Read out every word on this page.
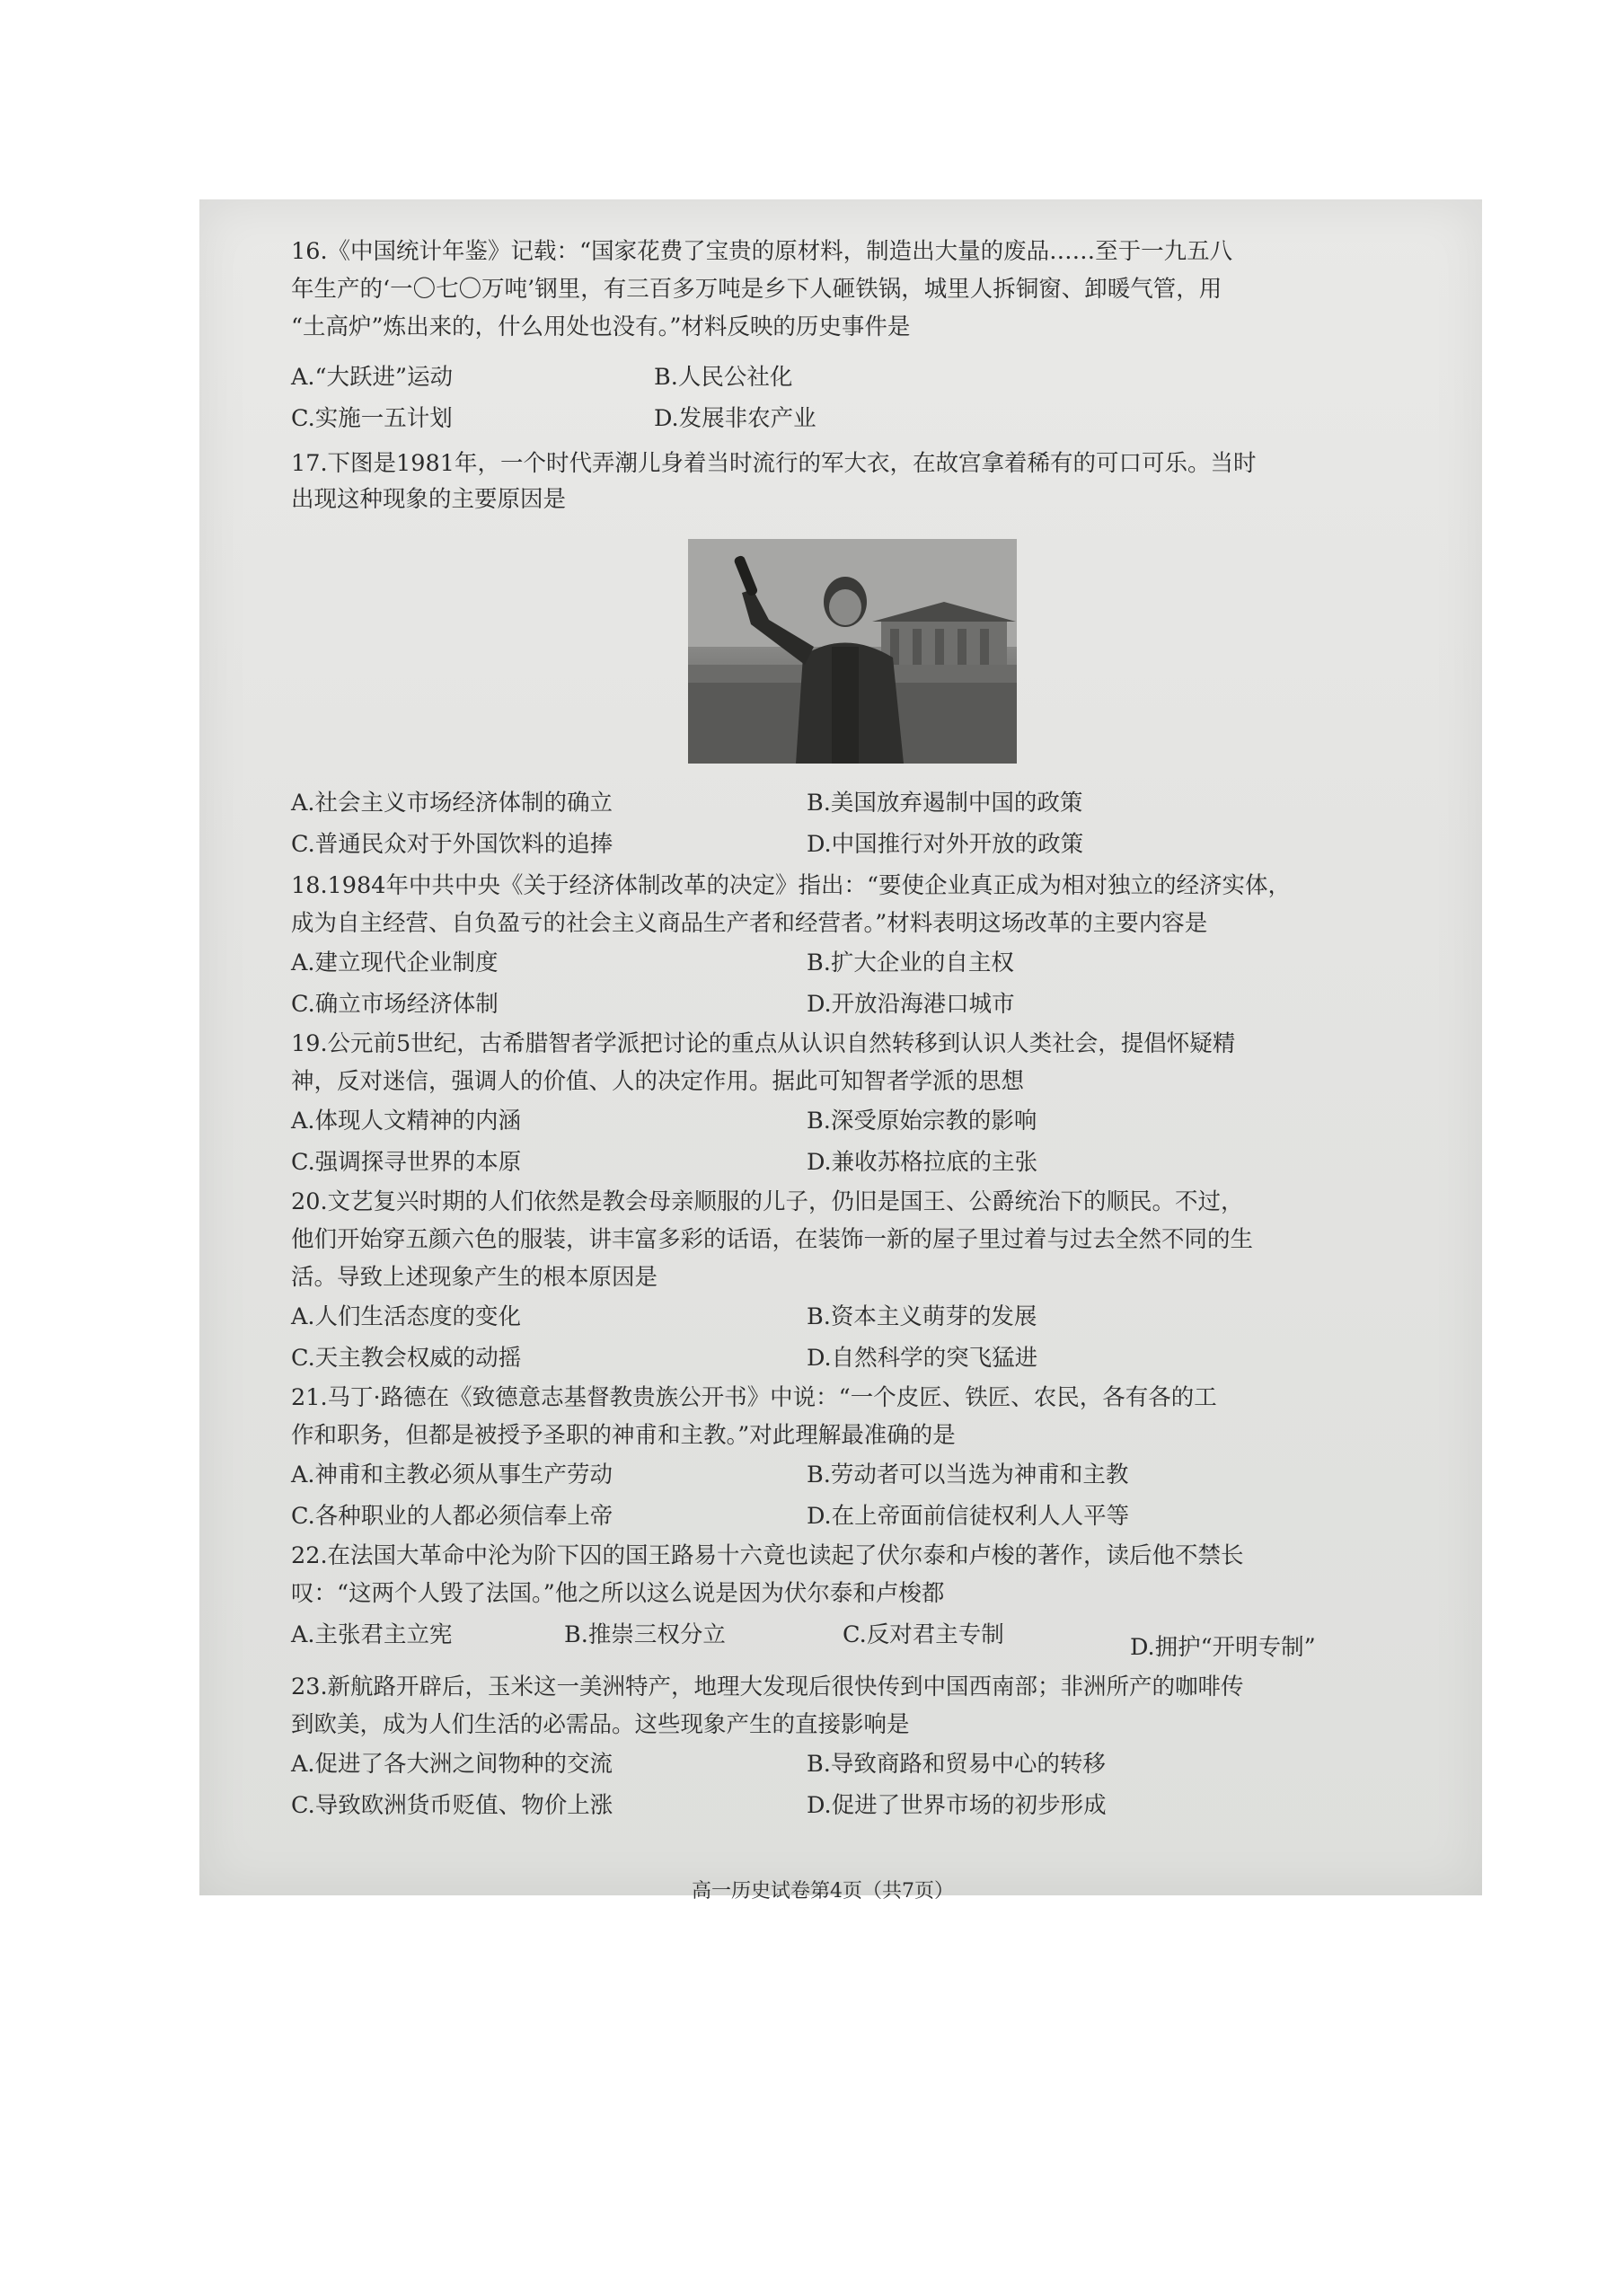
16.《中国统计年鉴》记载：“国家花费了宝贵的原材料，制造出大量的废品……至于一九五八
年生产的‘一〇七〇万吨’钢里，有三百多万吨是乡下人砸铁锅，城里人拆铜窗、卸暖气管，用
“土高炉”炼出来的，什么用处也没有。”材料反映的历史事件是
A.“大跃进”运动	B.人民公社化
C.实施一五计划	D.发展非农产业
17.下图是1981年，一个时代弄潮儿身着当时流行的军大衣，在故宫拿着稀有的可口可乐。当时
出现这种现象的主要原因是
A.社会主义市场经济体制的确立	B.美国放弃遏制中国的政策
C.普通民众对于外国饮料的追捧	D.中国推行对外开放的政策
18.1984年中共中央《关于经济体制改革的决定》指出：“要使企业真正成为相对独立的经济实体，
成为自主经营、自负盈亏的社会主义商品生产者和经营者。”材料表明这场改革的主要内容是
A.建立现代企业制度	B.扩大企业的自主权
C.确立市场经济体制	D.开放沿海港口城市
19.公元前5世纪，古希腊智者学派把讨论的重点从认识自然转移到认识人类社会，提倡怀疑精
神，反对迷信，强调人的价值、人的决定作用。据此可知智者学派的思想
A.体现人文精神的内涵	B.深受原始宗教的影响
C.强调探寻世界的本原	D.兼收苏格拉底的主张
20.文艺复兴时期的人们依然是教会母亲顺服的儿子，仍旧是国王、公爵统治下的顺民。不过，
他们开始穿五颜六色的服装，讲丰富多彩的话语，在装饰一新的屋子里过着与过去全然不同的生
活。导致上述现象产生的根本原因是
A.人们生活态度的变化	B.资本主义萌芽的发展
C.天主教会权威的动摇	D.自然科学的突飞猛进
21.马丁·路德在《致德意志基督教贵族公开书》中说：“一个皮匠、铁匠、农民，各有各的工
作和职务，但都是被授予圣职的神甫和主教。”对此理解最准确的是
A.神甫和主教必须从事生产劳动	B.劳动者可以当选为神甫和主教
C.各种职业的人都必须信奉上帝	D.在上帝面前信徒权利人人平等
22.在法国大革命中沦为阶下囚的国王路易十六竟也读起了伏尔泰和卢梭的著作，读后他不禁长
叹：“这两个人毁了法国。”他之所以这么说是因为伏尔泰和卢梭都
A.主张君主立宪	B.推崇三权分立	C.反对君主专制	D.拥护“开明专制”
23.新航路开辟后，玉米这一美洲特产，地理大发现后很快传到中国西南部；非洲所产的咖啡传
到欧美，成为人们生活的必需品。这些现象产生的直接影响是
A.促进了各大洲之间物种的交流	B.导致商路和贸易中心的转移
C.导致欧洲货币贬值、物价上涨	D.促进了世界市场的初步形成
高一历史试卷第4页（共7页）
